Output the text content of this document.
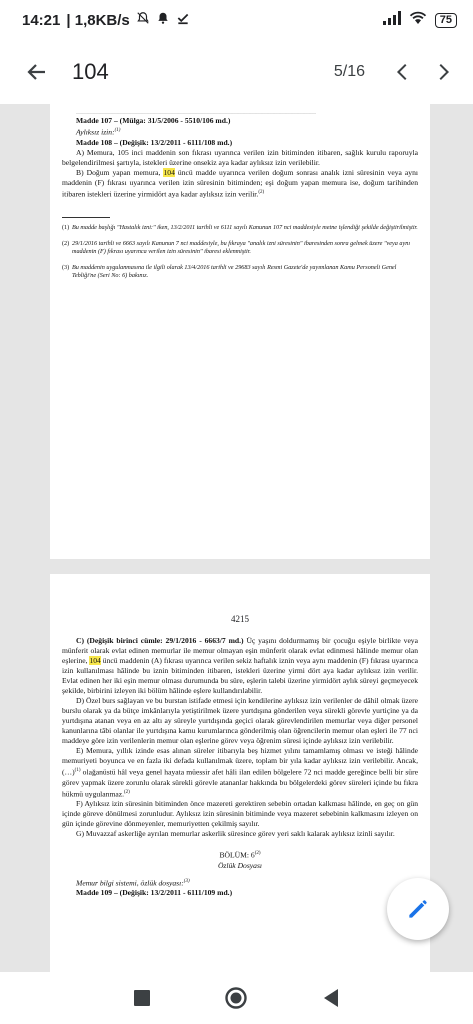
14:21 | 1,8KB/s	75
104	5/16
…………………………………………………………………………………………………………

Madde 107 – (Mülga: 31/5/2006 - 5510/106 md.)

Aylıksız izin:$^{(1)}$

Madde 108 – (Değişik: 13/2/2011 - 6111/108 md.)

A) Memura, 105 inci maddenin son fıkrası uyarınca verilen izin bitiminden itibaren, sağlık kurulu raporuyla belgelendirilmesi şartıyla, istekleri üzerine onsekiz aya kadar aylıksız izin verilebilir.

B) Doğum yapan memura, 104 üncü madde uyarınca verilen doğum sonrası analık izni süresinin veya aynı maddenin (F) fıkrası uyarınca verilen izin süresinin bitiminden; eşi doğum yapan memura ise, doğum tarihinden itibaren istekleri üzerine yirmidört aya kadar aylıksız izin verilir.$^{(2)}$

(1) Bu madde başlığı "Hastalık izni:" iken, 13/2/2011 tarihli ve 6111 sayılı Kanunun 107 nci maddesiyle metne işlendiği şekilde değiştirilmiştir.
(2) 29/1/2016 tarihli ve 6663 sayılı Kanunun 7 nci maddesiyle, bu fıkraya "analık izni süresinin" ibaresinden sonra gelmek üzere "veya aynı maddenin (F) fıkrası uyarınca verilen izin süresinin" ibaresi eklenmiştir.
(3) Bu maddenin uygulanmasına ile ilgili olarak 13/4/2016 tarihli ve 29683 sayılı Resmi Gazete'de yayımlanan Kamu Personeli Genel Tebliği'ne (Seri No: 6) bakınız.
4215

C) (Değişik birinci cümle: 29/1/2016 - 6663/7 md.) Üç yaşını doldurmamış bir çocuğu eşiyle birlikte veya münferit olarak evlat edinen memurlar ile memur olmayan eşin münferit olarak evlat edinmesi hâlinde memur olan eşlerine, 104 üncü maddenin (A) fıkrası uyarınca verilen sekiz haftalık iznin veya aynı maddenin (F) fıkrası uyarınca izin kullanılması hâlinde bu iznin bitiminden itibaren, istekleri üzerine yirmi dört aya kadar aylıksız izin verilir. Evlat edinen her iki eşin memur olması durumunda bu süre, eşlerin talebi üzerine yirmidört aylık süreyi geçmeyecek şekilde, birbirini izleyen iki bölüm hâlinde eşlere kullandırılabilir.

D) Özel burs sağlayan ve bu burstan istifade etmesi için kendilerine aylıksız izin verilenler de dâhil olmak üzere burslu olarak ya da bütçe imkânlarıyla yetiştirilmek üzere yurtdışına gönderilen veya sürekli görevle yurtiçine ya da yurtdışına atanan veya en az altı ay süreyle yurtdışında geçici olarak görevlendirilen memurlar veya diğer personel kanunlarına tâbi olanlar ile yurtdışına kamu kurumlarınca gönderilmiş olan öğrencilerin memur olan eşleri ile 77 nci maddeye göre izin verilenlerin memur olan eşlerine görev veya öğrenim süresi içinde aylıksız izin verilebilir.

E) Memura, yıllık izinde esas alınan süreler itibarıyla beş hizmet yılını tamamlamış olması ve isteği hâlinde memuriyeti boyunca ve en fazla iki defada kullanılmak üzere, toplam bir yıla kadar aylıksız izin verilebilir. Ancak, (…)$^{(1)}$ olağanüstü hâl veya genel hayata müessir afet hâli ilan edilen bölgelere 72 nci madde gereğince belli bir süre görev yapmak üzere zorunlu olarak sürekli görevle atananlar hakkında bu bölgelerdeki görev süreleri içinde bu fıkra hükmü uygulanmaz.$^{(2)}$

F) Aylıksız izin süresinin bitiminden önce mazereti gerektiren sebebin ortadan kalkması hâlinde, en geç on gün içinde göreve dönülmesi zorunludur. Aylıksız izin süresinin bitiminde veya mazeret sebebinin kalkmasını izleyen on gün içinde görevine dönmeyenler, memuriyetten çekilmiş sayılır.

G) Muvazzaf askerliğe ayrılan memurlar askerlik süresince görev yeri saklı kalarak aylıksız izinli sayılır.

BÖLÜM: 6$^{(2)}$

Özlük Dosyası

Memur bilgi sistemi, özlük dosyası:$^{(3)}$

Madde 109 – (Değişik: 13/2/2011 - 6111/109 md.)
